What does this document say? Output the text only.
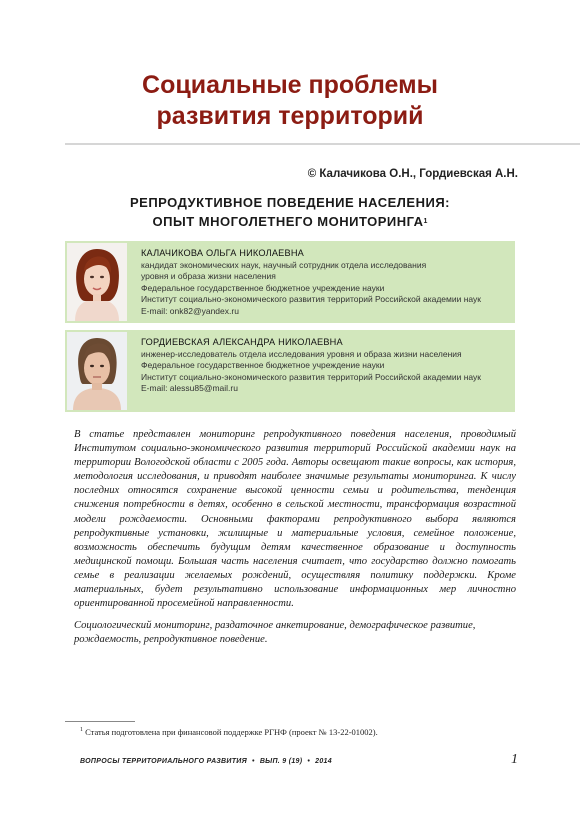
Социальные проблемы
развития территорий
© Калачикова О.Н., Гордиевская А.Н.
РЕПРОДУКТИВНОЕ ПОВЕДЕНИЕ НАСЕЛЕНИЯ:
ОПЫТ МНОГОЛЕТНЕГО МОНИТОРИНГА$^1$
КАЛАЧИКОВА ОЛЬГА НИКОЛАЕВНА
кандидат экономических наук, научный сотрудник отдела исследования
уровня и образа жизни населения
Федеральное государственное бюджетное учреждение науки
Институт социально-экономического развития территорий Российской академии наук
E-mail: onk82@yandex.ru
ГОРДИЕВСКАЯ АЛЕКСАНДРА НИКОЛАЕВНА
инженер-исследователь отдела исследования уровня и образа жизни населения
Федеральное государственное бюджетное учреждение науки
Институт социально-экономического развития территорий Российской академии наук
E-mail: alessu85@mail.ru
В статье представлен мониторинг репродуктивного поведения населения, проводимый Институтом социально-экономического развития территорий Российской академии наук на территории Вологодской области с 2005 года. Авторы освещают такие вопросы, как история, методология исследования, и приводят наиболее значимые результаты мониторинга. К числу последних относятся сохранение высокой ценности семьи и родительства, тенденция снижения потребности в детях, особенно в сельской местности, трансформация возрастной модели рождаемости. Основными факторами репродуктивного выбора являются репродуктивные установки, жилищные и материальные условия, семейное положение, возможность обеспечить будущим детям качественное образование и доступность медицинской помощи. Большая часть населения считает, что государство должно помогать семье в реализации желаемых рождений, осуществляя политику поддержки. Кроме материальных, будет результативно использование информационных мер личностно ориентированной просемейной направленности.
Социологический мониторинг, раздаточное анкетирование, демографическое развитие, рождаемость, репродуктивное поведение.
$^1$ Статья подготовлена при финансовой поддержке РГНФ (проект № 13-22-01002).
ВОПРОСЫ ТЕРРИТОРИАЛЬНОГО РАЗВИТИЯ • ВЫП. 9 (19) • 2014	1
